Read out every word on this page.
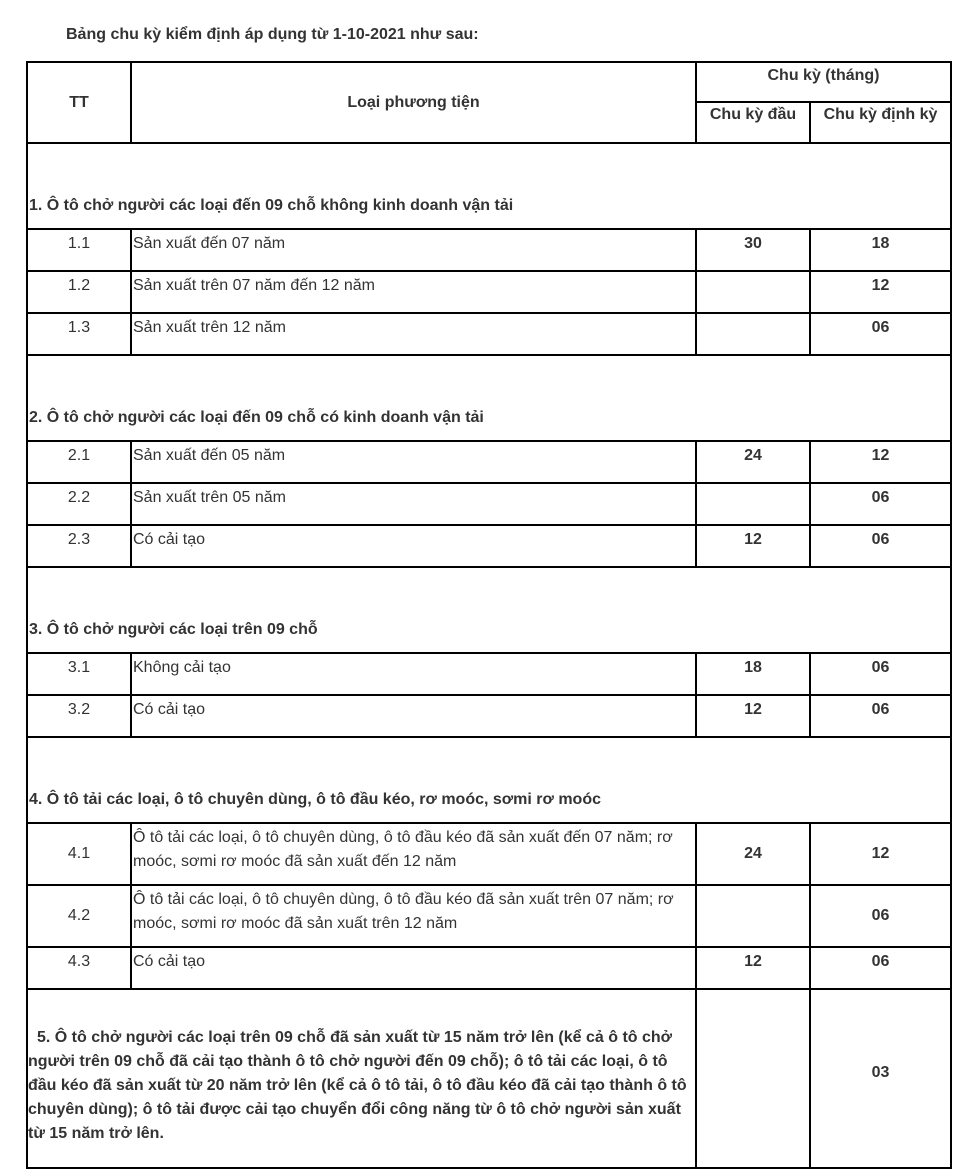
Bảng chu kỳ kiểm định áp dụng từ 1-10-2021 như sau:
TT	Loại phương tiện	Chu kỳ (tháng)	
		Chu kỳ đầu	Chu kỳ định kỳ
1. Ô tô chở người các loại đến 09 chỗ không kinh doanh vận tải			
1.1	Sản xuất đến 07 năm	30	18
1.2	Sản xuất trên 07 năm đến 12 năm		12
1.3	Sản xuất trên 12 năm		06
2. Ô tô chở người các loại đến 09 chỗ có kinh doanh vận tải			
2.1	Sản xuất đến 05 năm	24	12
2.2	Sản xuất trên 05 năm		06
2.3	Có cải tạo	12	06
3. Ô tô chở người các loại trên 09 chỗ			
3.1	Không cải tạo	18	06
3.2	Có cải tạo	12	06
4. Ô tô tải các loại, ô tô chuyên dùng, ô tô đầu kéo, rơ moóc, sơmi rơ moóc			
4.1	Ô tô tải các loại, ô tô chuyên dùng, ô tô đầu kéo đã sản xuất đến 07 năm; rơ moóc, sơmi rơ moóc đã sản xuất đến 12 năm	24	12
4.2	Ô tô tải các loại, ô tô chuyên dùng, ô tô đầu kéo đã sản xuất trên 07 năm; rơ moóc, sơmi rơ moóc đã sản xuất trên 12 năm		06
4.3	Có cải tạo	12	06
5. Ô tô chở người các loại trên 09 chỗ đã sản xuất từ 15 năm trở lên (kể cả ô tô chở người trên 09 chỗ đã cải tạo thành ô tô chở người đến 09 chỗ); ô tô tải các loại, ô tô đầu kéo đã sản xuất từ 20 năm trở lên (kể cả ô tô tải, ô tô đầu kéo đã cải tạo thành ô tô chuyên dùng); ô tô tải được cải tạo chuyển đổi công năng từ ô tô chở người sản xuất từ 15 năm trở lên.			03
